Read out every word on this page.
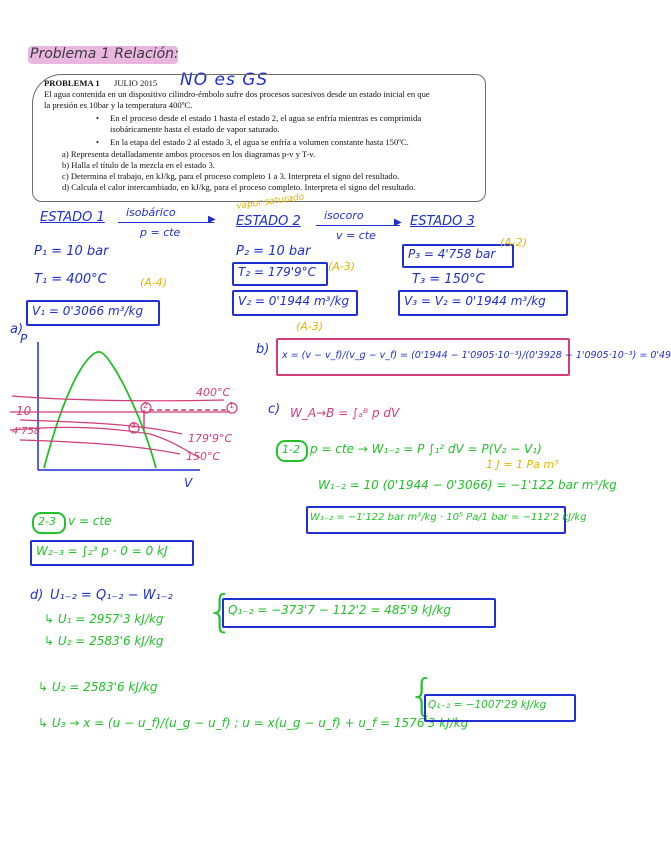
Problema 1 Relación:
NO es GS
PROBLEMA 1 JULIO 2015
El agua contenida en un dispositivo cilindro-émbolo sufre dos procesos sucesivos desde un estado inicial en que
la presión es 10bar y la temperatura 400ºC.
• En el proceso desde el estado 1 hasta el estado 2, el agua se enfría mientras es comprimida
isobáricamente hasta el estado de vapor saturado.
• En la etapa del estado 2 al estado 3, el agua se enfría a volumen constante hasta 150ºC.
a) Representa detalladamente ambos procesos en los diagramas p-v y T-v.
b) Halla el título de la mezcla en el estado 3.
c) Determina el trabajo, en kJ/kg, para el proceso completo 1 a 3. Interpreta el signo del resultado.
d) Calcula el calor intercambiado, en kJ/kg, para el proceso completo. Interpreta el signo del resultado.
ESTADO 1 isobárico
▶
p = cte
vapor saturado
ESTADO 2 isocoro
▶
v = cte
ESTADO 3
P₁ = 10 bar
T₁ = 400°C	(A-4)
V₁ = 0'3066 m³/kg
P₂ = 10 bar
T₂ = 179'9°C (A-3)
V₂ = 0'1944 m³/kg
(A-3)
P₃ = 4'758 bar
(A-2)
T₃ = 150°C
V₃ = V₂ = 0'1944 m³/kg
a)
P
V
10
4'758
400°C
179'9°C
150°C
1
2
3
b) x = (v − v_f)/(v_g − v_f) = (0'1944 − 1'0905·10⁻³)/(0'3928 − 1'0905·10⁻³) = 0'49
c) W_A→B = ∫ₐᴮ p dV
1-2 p = cte → W₁₋₂ = P ∫₁² dV = P(V₂ − V₁)
1 J = 1 Pa m³
W₁₋₂ = 10 (0'1944 − 0'3066) = −1'122 bar m³/kg
W₁₋₂ = −1'122 bar m³/kg · 10⁵ Pa/1 bar = −112'2 kJ/kg
2-3 v = cte
W₂₋₃ = ∫₂³ p · 0 = 0 kJ
d) U₁₋₂ = Q₁₋₂ − W₁₋₂
↳ U₁ = 2957'3 kJ/kg
↳ U₂ = 2583'6 kJ/kg
{
Q₁₋₂ = −373'7 − 112'2 = 485'9 kJ/kg
↳ U₂ = 2583'6 kJ/kg
↳ U₃ → x = (u − u_f)/(u_g − u_f) ; u = x(u_g − u_f) + u_f = 1576'3 kJ/kg
{
Q₁₋₂ = −1007'29 kJ/kg
